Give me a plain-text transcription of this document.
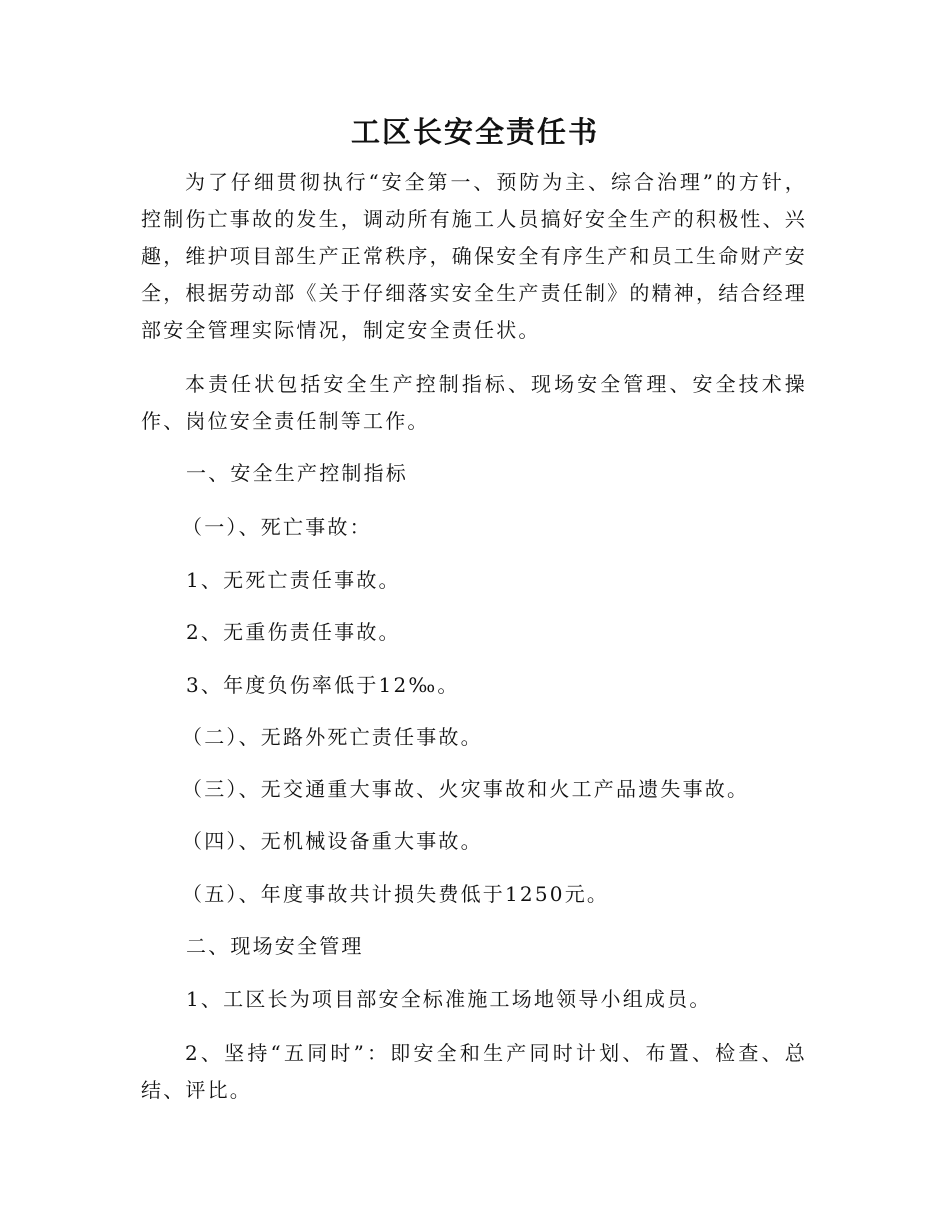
工区长安全责任书

为了仔细贯彻执行“安全第一、预防为主、综合治理”的方针，控制伤亡事故的发生，调动所有施工人员搞好安全生产的积极性、兴趣，维护项目部生产正常秩序，确保安全有序生产和员工生命财产安全，根据劳动部《关于仔细落实安全生产责任制》的精神，结合经理部安全管理实际情况，制定安全责任状。

本责任状包括安全生产控制指标、现场安全管理、安全技术操作、岗位安全责任制等工作。

一、安全生产控制指标
（一）、死亡事故：
1、无死亡责任事故。
2、无重伤责任事故。
3、年度负伤率低于12‰。
（二）、无路外死亡责任事故。
（三）、无交通重大事故、火灾事故和火工产品遗失事故。
（四）、无机械设备重大事故。
（五）、年度事故共计损失费低于1250元。
二、现场安全管理
1、工区长为项目部安全标准施工场地领导小组成员。

2、坚持“五同时”：即安全和生产同时计划、布置、检查、总结、评比。
